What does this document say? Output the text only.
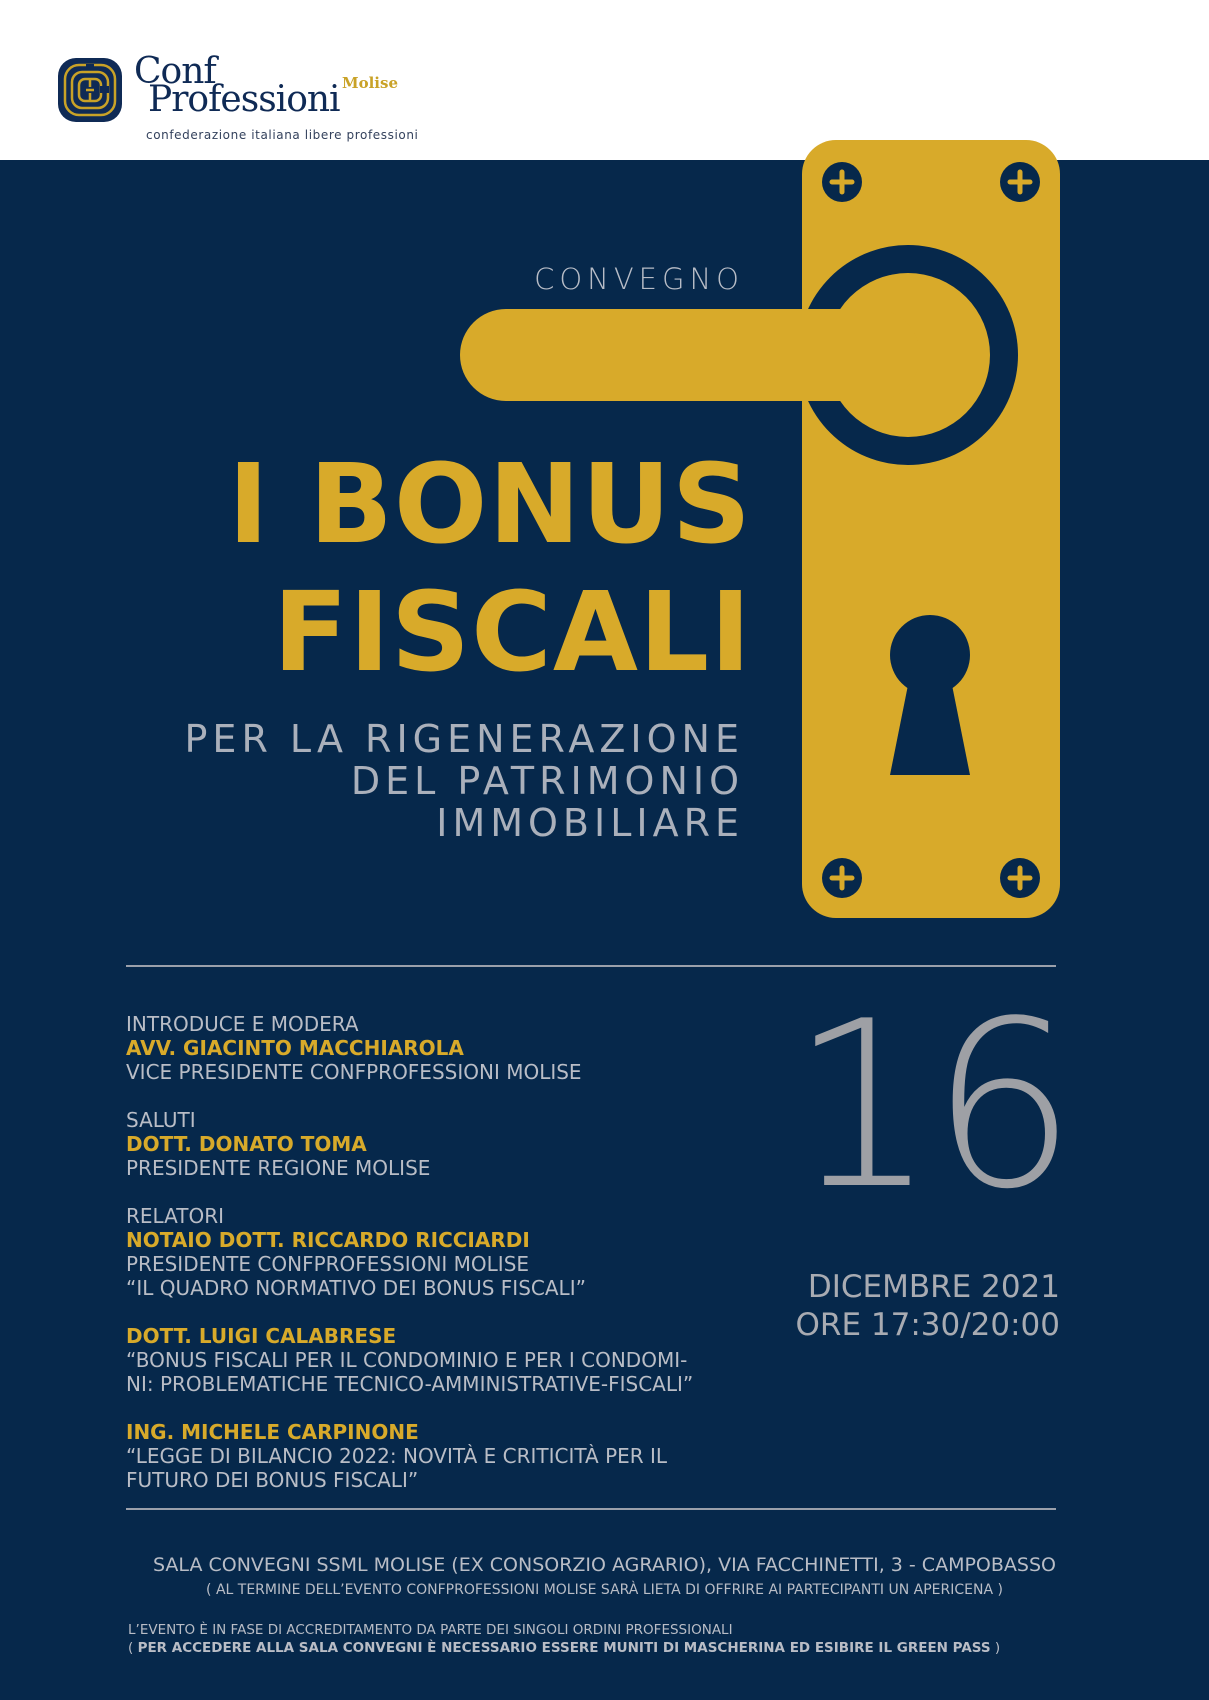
Conf
Professioni Molise
confederazione italiana libere professioni
CONVEGNO
I BONUS
FISCALI
PER LA RIGENERAZIONE
DEL PATRIMONIO
IMMOBILIARE
INTRODUCE E MODERA
AVV. GIACINTO MACCHIAROLA
VICE PRESIDENTE CONFPROFESSIONI MOLISE
SALUTI
DOTT. DONATO TOMA
PRESIDENTE REGIONE MOLISE
RELATORI
NOTAIO DOTT. RICCARDO RICCIARDI
PRESIDENTE CONFPROFESSIONI MOLISE
“IL QUADRO NORMATIVO DEI BONUS FISCALI”
DOTT. LUIGI CALABRESE
“BONUS FISCALI PER IL CONDOMINIO E PER I CONDOMI-
NI: PROBLEMATICHE TECNICO-AMMINISTRATIVE-FISCALI”
ING. MICHELE CARPINONE
“LEGGE DI BILANCIO 2022: NOVITÀ E CRITICITÀ PER IL
FUTURO DEI BONUS FISCALI”
16
DICEMBRE 2021
ORE 17:30/20:00
SALA CONVEGNI SSML MOLISE (EX CONSORZIO AGRARIO), VIA FACCHINETTI, 3 - CAMPOBASSO
( AL TERMINE DELL’EVENTO CONFPROFESSIONI MOLISE SARÀ LIETA DI OFFRIRE AI PARTECIPANTI UN APERICENA )
L’EVENTO È IN FASE DI ACCREDITAMENTO DA PARTE DEI SINGOLI ORDINI PROFESSIONALI
( PER ACCEDERE ALLA SALA CONVEGNI È NECESSARIO ESSERE MUNITI DI MASCHERINA ED ESIBIRE IL GREEN PASS )
